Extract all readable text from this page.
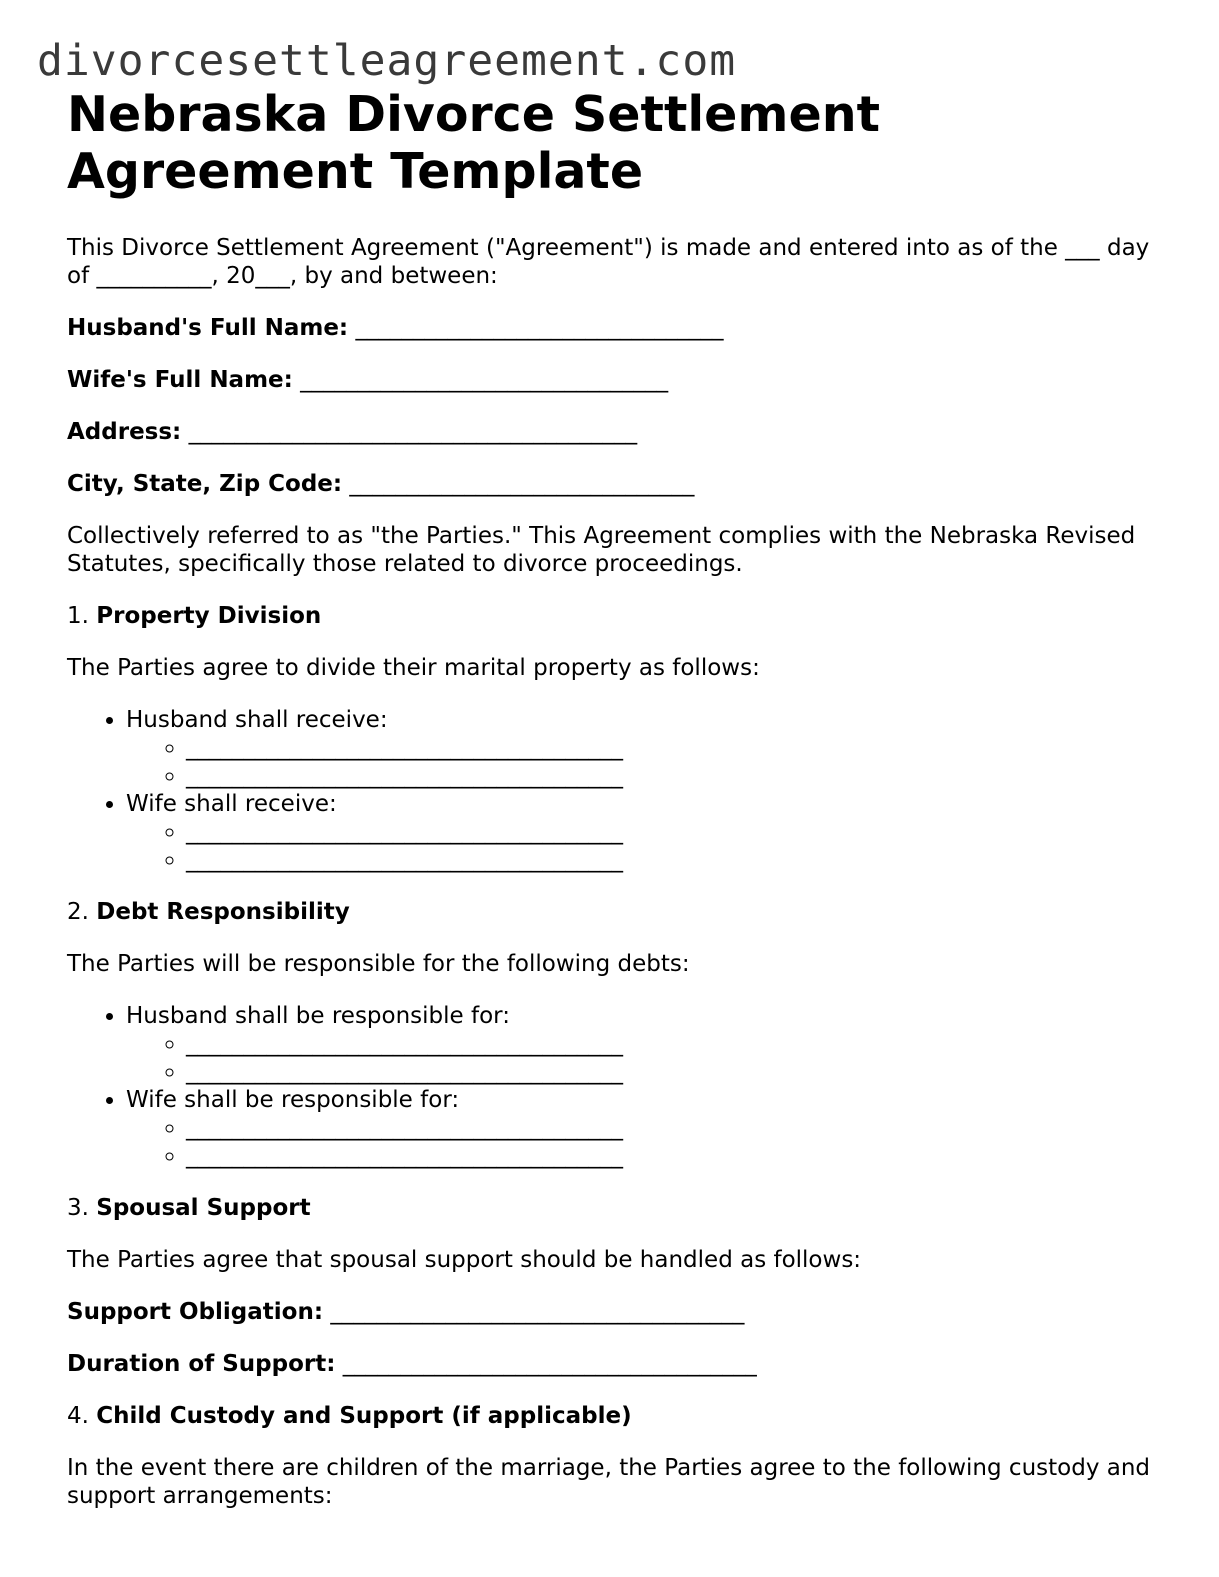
divorcesettleagreement.com
Nebraska Divorce Settlement
Agreement Template

This Divorce Settlement Agreement ("Agreement") is made and entered into as of the ___ day of __________, 20___, by and between:

Husband's Full Name: ________________________________

Wife's Full Name: ________________________________

Address: _______________________________________

City, State, Zip Code: ______________________________

Collectively referred to as "the Parties." This Agreement complies with the Nebraska Revised Statutes, specifically those related to divorce proceedings.

1. Property Division

The Parties agree to divide their marital property as follows:

• Husband shall receive:
◦ ______________________________________
◦ ______________________________________
• Wife shall receive:
◦ ______________________________________
◦ ______________________________________

2. Debt Responsibility

The Parties will be responsible for the following debts:

• Husband shall be responsible for:
◦ ______________________________________
◦ ______________________________________
• Wife shall be responsible for:
◦ ______________________________________
◦ ______________________________________

3. Spousal Support

The Parties agree that spousal support should be handled as follows:

Support Obligation: ____________________________________

Duration of Support: ____________________________________

4. Child Custody and Support (if applicable)

In the event there are children of the marriage, the Parties agree to the following custody and support arrangements:
